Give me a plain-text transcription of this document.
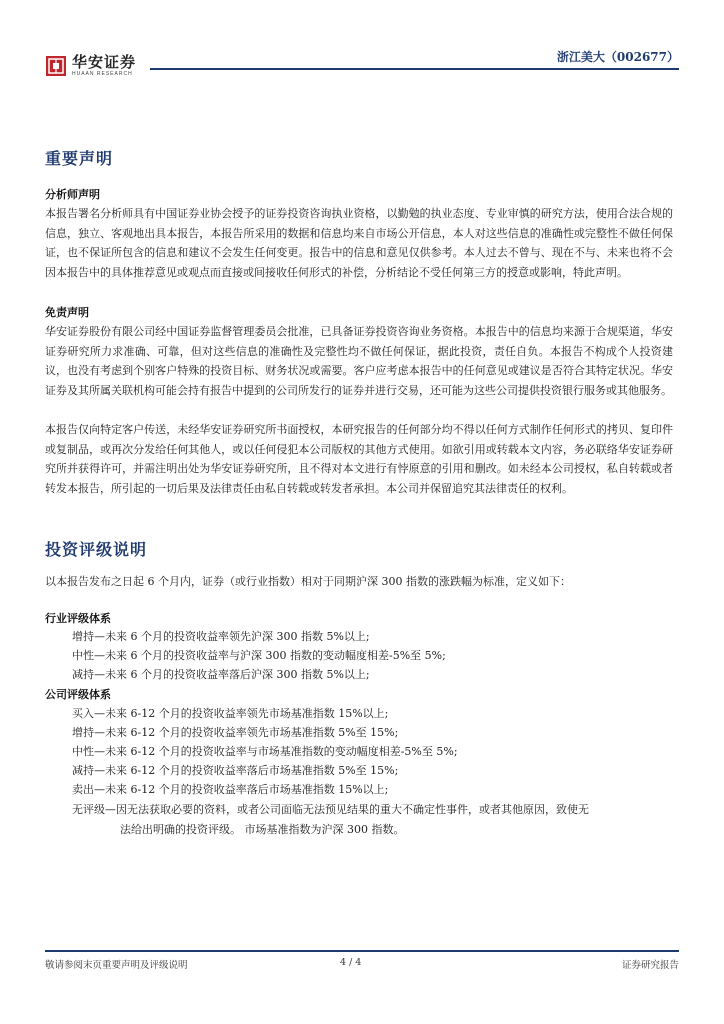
华安证券
HUAAN RESEARCH
浙江美大（002677）
重要声明
分析师声明

本报告署名分析师具有中国证券业协会授予的证券投资咨询执业资格，以勤勉的执业态度、专业审慎的研究方法，使用合法合规的信息，独立、客观地出具本报告，本报告所采用的数据和信息均来自市场公开信息，本人对这些信息的准确性或完整性不做任何保证，也不保证所包含的信息和建议不会发生任何变更。报告中的信息和意见仅供参考。本人过去不曾与、现在不与、未来也将不会因本报告中的具体推荐意见或观点而直接或间接收任何形式的补偿，分析结论不受任何第三方的授意或影响，特此声明。

免责声明

华安证券股份有限公司经中国证券监督管理委员会批准，已具备证券投资咨询业务资格。本报告中的信息均来源于合规渠道，华安证券研究所力求准确、可靠，但对这些信息的准确性及完整性均不做任何保证，据此投资，责任自负。本报告不构成个人投资建议，也没有考虑到个别客户特殊的投资目标、财务状况或需要。客户应考虑本报告中的任何意见或建议是否符合其特定状况。华安证券及其所属关联机构可能会持有报告中提到的公司所发行的证券并进行交易，还可能为这些公司提供投资银行服务或其他服务。

本报告仅向特定客户传送，未经华安证券研究所书面授权，本研究报告的任何部分均不得以任何方式制作任何形式的拷贝、复印件或复制品，或再次分发给任何其他人，或以任何侵犯本公司版权的其他方式使用。如欲引用或转载本文内容，务必联络华安证券研究所并获得许可，并需注明出处为华安证券研究所，且不得对本文进行有悖原意的引用和删改。如未经本公司授权，私自转载或者转发本报告，所引起的一切后果及法律责任由私自转载或转发者承担。本公司并保留追究其法律责任的权利。

投资评级说明
以本报告发布之日起 6 个月内，证券（或行业指数）相对于同期沪深 300 指数的涨跌幅为标准，定义如下：
行业评级体系
增持—未来 6 个月的投资收益率领先沪深 300 指数 5%以上;
中性—未来 6 个月的投资收益率与沪深 300 指数的变动幅度相差-5%至 5%;
减持—未来 6 个月的投资收益率落后沪深 300 指数 5%以上;
公司评级体系
买入—未来 6-12 个月的投资收益率领先市场基准指数 15%以上;
增持—未来 6-12 个月的投资收益率领先市场基准指数 5%至 15%;
中性—未来 6-12 个月的投资收益率与市场基准指数的变动幅度相差-5%至 5%;
减持—未来 6-12 个月的投资收益率落后市场基准指数 5%至 15%;
卖出—未来 6-12 个月的投资收益率落后市场基准指数 15%以上;
无评级—因无法获取必要的资料，或者公司面临无法预见结果的重大不确定性事件，或者其他原因，致使无
法给出明确的投资评级。 市场基准指数为沪深 300 指数。
敬请参阅末页重要声明及评级说明	4 / 4	证券研究报告
